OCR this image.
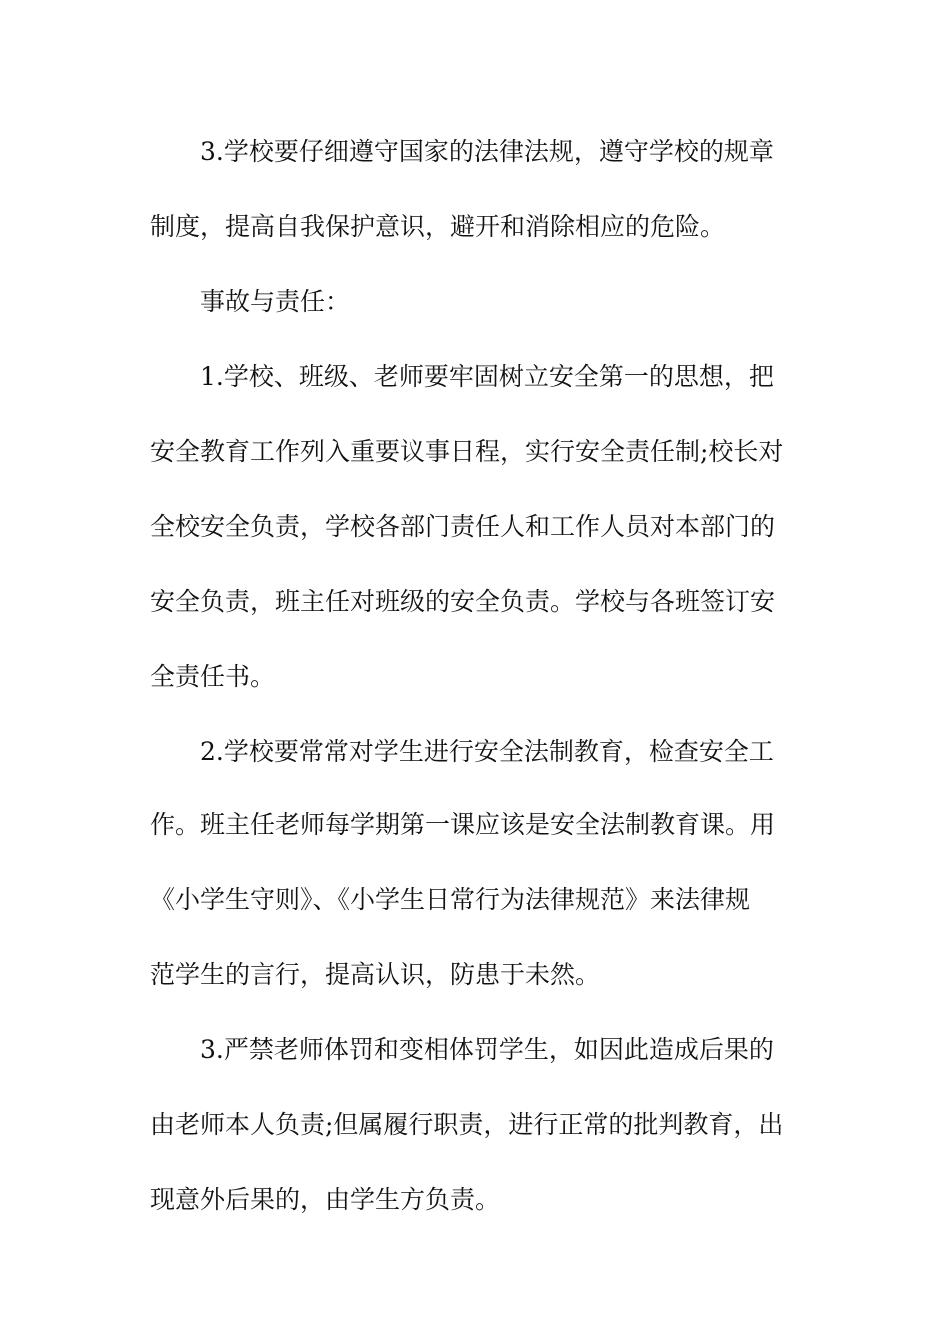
3.学校要仔细遵守国家的法律法规，遵守学校的规章

制度，提高自我保护意识，避开和消除相应的危险。

事故与责任：

1.学校、班级、老师要牢固树立安全第一的思想，把

安全教育工作列入重要议事日程，实行安全责任制;校长对

全校安全负责，学校各部门责任人和工作人员对本部门的

安全负责，班主任对班级的安全负责。学校与各班签订安

全责任书。

2.学校要常常对学生进行安全法制教育，检查安全工

作。班主任老师每学期第一课应该是安全法制教育课。用

《小学生守则》、《小学生日常行为法律规范》来法律规

范学生的言行，提高认识，防患于未然。

3.严禁老师体罚和变相体罚学生，如因此造成后果的

由老师本人负责;但属履行职责，进行正常的批判教育，出

现意外后果的，由学生方负责。
